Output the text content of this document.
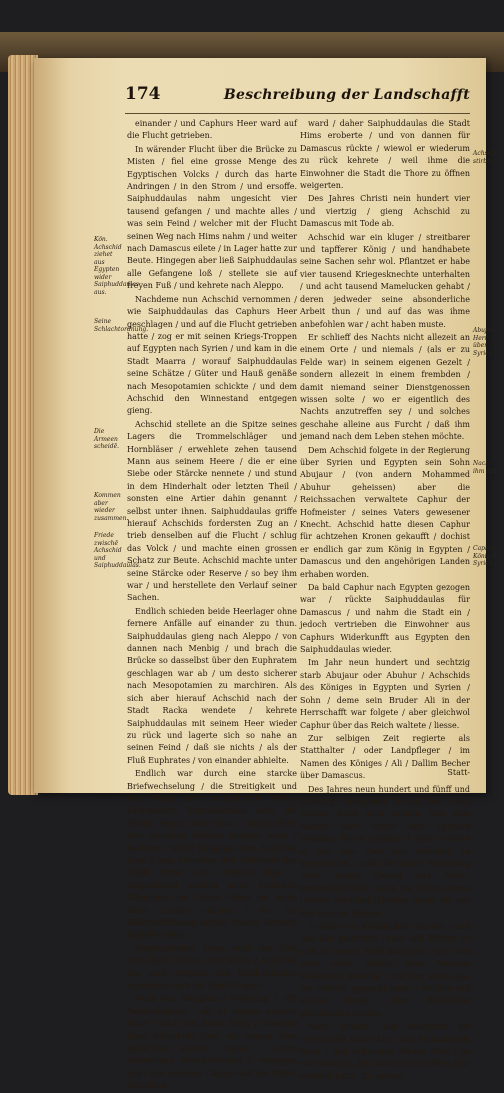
174	Beschreibung der Landschafft

einander / und Caphurs Heer ward auf die Flucht getrieben.

In wärender Flucht über die Brücke zu Misten / fiel eine grosse Menge des Egyptischen Volcks / durch das harte Andringen / in den Strom / und ersoffe. Saiphuddaulas nahm ungesicht vier tausend gefangen / und machte alles / was sein Feind / welcher mit der Flucht seinen Weg nach Hims nahm / und weiter nach Damascus eilete / in Lager hatte zur Beute. Hingegen aber ließ Saiphuddaulas alle Gefangene loß / stellete sie auf freyen Fuß / und kehrete nach Aleppo.

Nachdeme nun Achschid vernommen / wie Saiphuddaulas das Caphurs Heer geschlagen / und auf die Flucht getrieben hatte / zog er mit seinen Kriegs-Troppen auf Egypten nach Syrien / und kam in die Stadt Maarra / worauf Saiphuddaulas seine Schätze / Güter und Hauß genäße nach Mesopotamien schickte / und dem Achschid den Winnestand entgegen gieng.

Achschid stellete an die Spitze seines Lagers die Trommelschläger und Hornbläser / erwehlete zehen tausend Mann aus seinem Heere / die er eine Siebe oder Stärcke nennete / und stund in dem Hinderhalt oder letzten Theil / sonsten eine Artier dahin genannt / selbst unter ihnen. Saiphuddaulas griffe hierauf Achschids fordersten Zug an / trieb denselben auf die Flucht / schlug das Volck / und machte einen grossen Schatz zur Beute. Achschid machte unter seine Stärcke oder Reserve / so bey ihm war / und herstellete den Verlauf seiner Sachen.

Endlich schieden beide Heerlager ohne fernere Anfälle auf einander zu thun. Saiphuddaulas gieng nach Aleppo / von dannen nach Menbig / und brach die Brücke so dasselbst über den Euphratem geschlagen war ab / um desto sicherer nach Mesopotamien zu marchiren. Als sich aber hierauf Achschid nach der Stadt Racka wendete / kehrete Saiphuddaulas mit seinem Heer wieder zu rück und lagerte sich so nahe an seinen Feind / daß sie nichts / als der Fluß Euphrates / von einander abhielte.

Endlich war durch eine starcke Briefwechselung / die Streitigkeit und der Krieg auf nachgehende Weise aufgehaben: Saiphuddaulas solte die Städte Aleppo und Hims / sampt allem was zwischen beyden gelegen wäre / besitzen / wofür hingegen dem Achschid alles / was zwischen den Gräntzen der Stadt Hims und Arabien läge / eingeräumet werden solte. Zwischen Giausiana und Labna ließen sie beide einen Graben machen / der zur Gräntzscheidung beyder Reiche hernach gestellet ward.

Saiphuddaulas nahm nach der Zeit Achschids Tochter zum Weibe / Achschid zog nach Egypten und Saiphuddaulas wiederum nach der Stadt Aleppo.

Nach des Abulpharai Meynung / 309 Saiphuddaulas / als er Aleppo erobert hatte / nach der Stadt Hims / woselbst ihme Achschids Heer mit seinen zeyn gedachten Knecht Caphur / einen schwartzen verschnittenen / entgegen zog / von welchem Caphur auf die Flucht getrieben

ward / daher Saiphuddaulas die Stadt Hims eroberte / und von dannen für Damascus rückte / wiewol er wiederum zu rück kehrete / weil ihme die Einwohner die Stadt die Thore zu öffnen weigerten.

Des Jahres Christi nein hundert vier und viertzig / gieng Achschid zu Damascus mit Tode ab.

Achschid war ein kluger / streitbarer und tapfferer König / und handhabete seine Sachen sehr wol. Pflantzet er habe vier tausend Kriegesknechte unterhalten / und acht tausend Mamelucken gehabt / deren jedweder seine absonderliche Arbeit thun / und auf das was ihme anbefohlen war / acht haben muste.

Er schlieff des Nachts nicht allezeit an einem Orte / und niemals / (als er zu Felde war) in seinem eigenen Gezelt / sondern allezeit in einem frembden / damit niemand seiner Dienstgenossen wissen solte / wo er eigentlich des Nachts anzutreffen sey / und solches geschahe alleine aus Furcht / daß ihm jemand nach dem Leben stehen möchte.

Dem Achschid folgete in der Regierung über Syrien und Egypten sein Sohn Abujaur / (von andern Mohammed Abuhur geheissen) aber die Reichssachen verwaltete Caphur der Hofmeister / seines Vaters gewesener Knecht. Achschid hatte diesen Caphur für achtzehen Kronen gekaufft / dochist er endlich gar zum König in Egypten / Damascus und den angehörigen Landen erhaben worden.

Da bald Caphur nach Egypten gezogen war / rückte Saiphuddaulas für Damascus / und nahm die Stadt ein / jedoch vertrieben die Einwohner aus Caphurs Widerkunfft aus Egypten den Saiphuddaulas wieder.

Im Jahr neun hundert und sechtzig starb Abujaur oder Abuhur / Achschids des Königes in Egypten und Syrien / Sohn / deme sein Bruder Ali in der Herrschafft war folgete / aber gleichwol Caphur über das Reich waltete / liesse.

Zur selbigen Zeit regierte als Statthalter / oder Landpfleger / im Namen des Königes / Ali / Dallim Becher über Damascus.

Des Jahres neun hundert und fünff und sechtzig / gelegesete Alli die Welt / und Caphur ward nach seinem Tode zum Könige über Syrien und Egypten erhaben. Dieser regierte 3. Jahr / wiewol er von dem Tode des Achschid an geherrschet / und die ganze Regierung unter seiner Gewalt und Macht gestanden hatte / denn die Söhne seines Herren Achschid führeten nichts als nur den blossen Namen.

Er hatte ein Königliches Gemüth / und ließ alle geleherte Leute und Poeten zu sich in seinen Hoff kommen / wie sich denn unter andern einer Namens Motanabbi befande / der ihm zum Lobe ein Gedicht gemacht hatte / welches auf seinen Diwan oder Rath-Haus geschrieben stunde.

Nach seinem Tode besetzete die Herrschafft unter Alii / des Mohammeds Sohn / und Achschids Kindes Kind / so zur selbigen Zeit kaum sein eilfftes Jahr erreicht hatte. Zu seinem

Kön. Achschid ziehet aus Egypten wider Saiphuddaulas aus.
Seine Schlachtordnung.
Die Armeen scheidē.
Kommen aber wieder zusammen.
Friede zwischē Achschid und Saiphuddaulas.
Achschid stirbt.
Abujaur Herr über Syrien.
Nach ihm Alli.
Caphur König in Syrien.
Statt-
